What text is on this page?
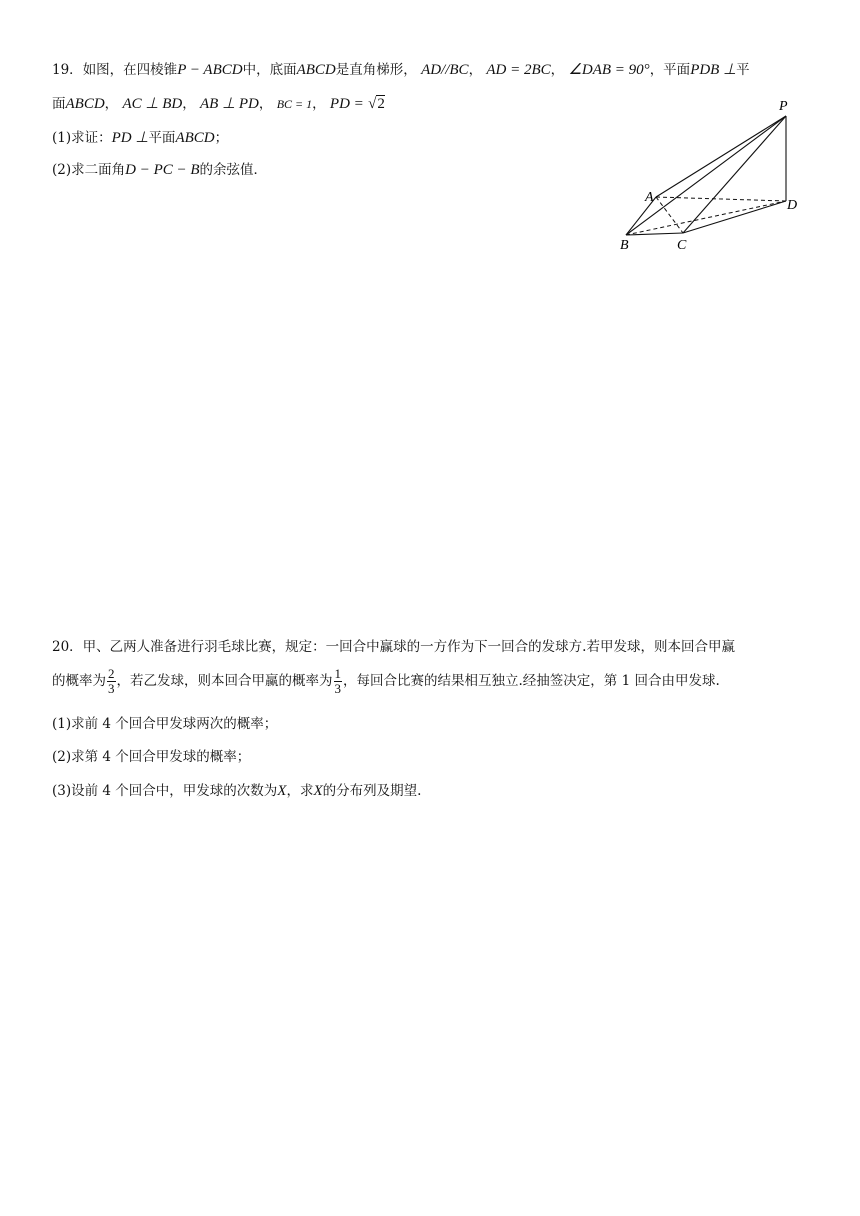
19．如图，在四棱锥P − ABCD中，底面ABCD是直角梯形， AD//BC， AD = 2BC， ∠DAB = 90°，平面PDB ⊥平
面ABCD， AC ⊥ BD， AB ⊥ PD， BC = 1， PD = √2
(1)求证：PD ⊥平面ABCD；
(2)求二面角D − PC − B的余弦值．
P
A
D
B	C
20．甲、乙两人准备进行羽毛球比赛，规定：一回合中赢球的一方作为下一回合的发球方.若甲发球，则本回合甲赢
的概率为 $\frac{2}{3}$ ，若乙发球，则本回合甲赢的概率为 $\frac{1}{3}$ ，每回合比赛的结果相互独立.经抽签决定，第 1 回合由甲发球.
(1)求前 4 个回合甲发球两次的概率；
(2)求第 4 个回合甲发球的概率；
(3)设前 4 个回合中，甲发球的次数为X，求X的分布列及期望.
